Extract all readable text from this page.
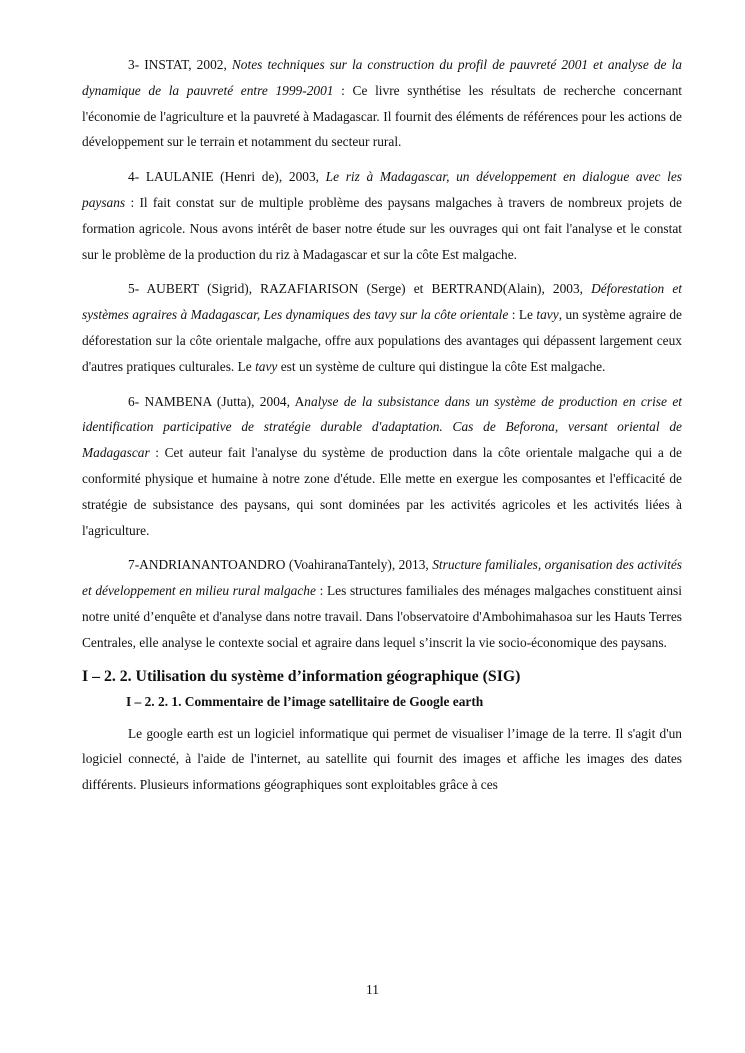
3- INSTAT, 2002, Notes techniques sur la construction du profil de pauvreté 2001 et analyse de la dynamique de la pauvreté entre 1999-2001 : Ce livre synthétise les résultats de recherche concernant l'économie de l'agriculture et la pauvreté à Madagascar. Il fournit des éléments de références pour les actions de développement sur le terrain et notamment du secteur rural.

4- LAULANIE (Henri de), 2003, Le riz à Madagascar, un développement en dialogue avec les paysans : Il fait constat sur de multiple problème des paysans malgaches à travers de nombreux projets de formation agricole. Nous avons intérêt de baser notre étude sur les ouvrages qui ont fait l'analyse et le constat sur le problème de la production du riz à Madagascar et sur la côte Est malgache.

5- AUBERT (Sigrid), RAZAFIARISON (Serge) et BERTRAND(Alain), 2003, Déforestation et systèmes agraires à Madagascar, Les dynamiques des tavy sur la côte orientale : Le tavy, un système agraire de déforestation sur la côte orientale malgache, offre aux populations des avantages qui dépassent largement ceux d'autres pratiques culturales. Le tavy est un système de culture qui distingue la côte Est malgache.

6- NAMBENA (Jutta), 2004, Analyse de la subsistance dans un système de production en crise et identification participative de stratégie durable d'adaptation. Cas de Beforona, versant oriental de Madagascar : Cet auteur fait l'analyse du système de production dans la côte orientale malgache qui a de conformité physique et humaine à notre zone d'étude. Elle mette en exergue les composantes et l'efficacité de stratégie de subsistance des paysans, qui sont dominées par les activités agricoles et les activités liées à l'agriculture.

7-ANDRIANANTOANDRO (VoahiranaTantely), 2013, Structure familiales, organisation des activités et développement en milieu rural malgache : Les structures familiales des ménages malgaches constituent ainsi notre unité d’enquête et d'analyse dans notre travail. Dans l'observatoire d'Ambohimahasoa sur les Hauts Terres Centrales, elle analyse le contexte social et agraire dans lequel s’inscrit la vie socio-économique des paysans.

I – 2. 2. Utilisation du système d’information géographique (SIG)
I – 2. 2. 1. Commentaire de l’image satellitaire de Google earth

Le google earth est un logiciel informatique qui permet de visualiser l’image de la terre. Il s'agit d'un logiciel connecté, à l'aide de l'internet, au satellite qui fournit des images et affiche les images des dates différents. Plusieurs informations géographiques sont exploitables grâce à ces

11
